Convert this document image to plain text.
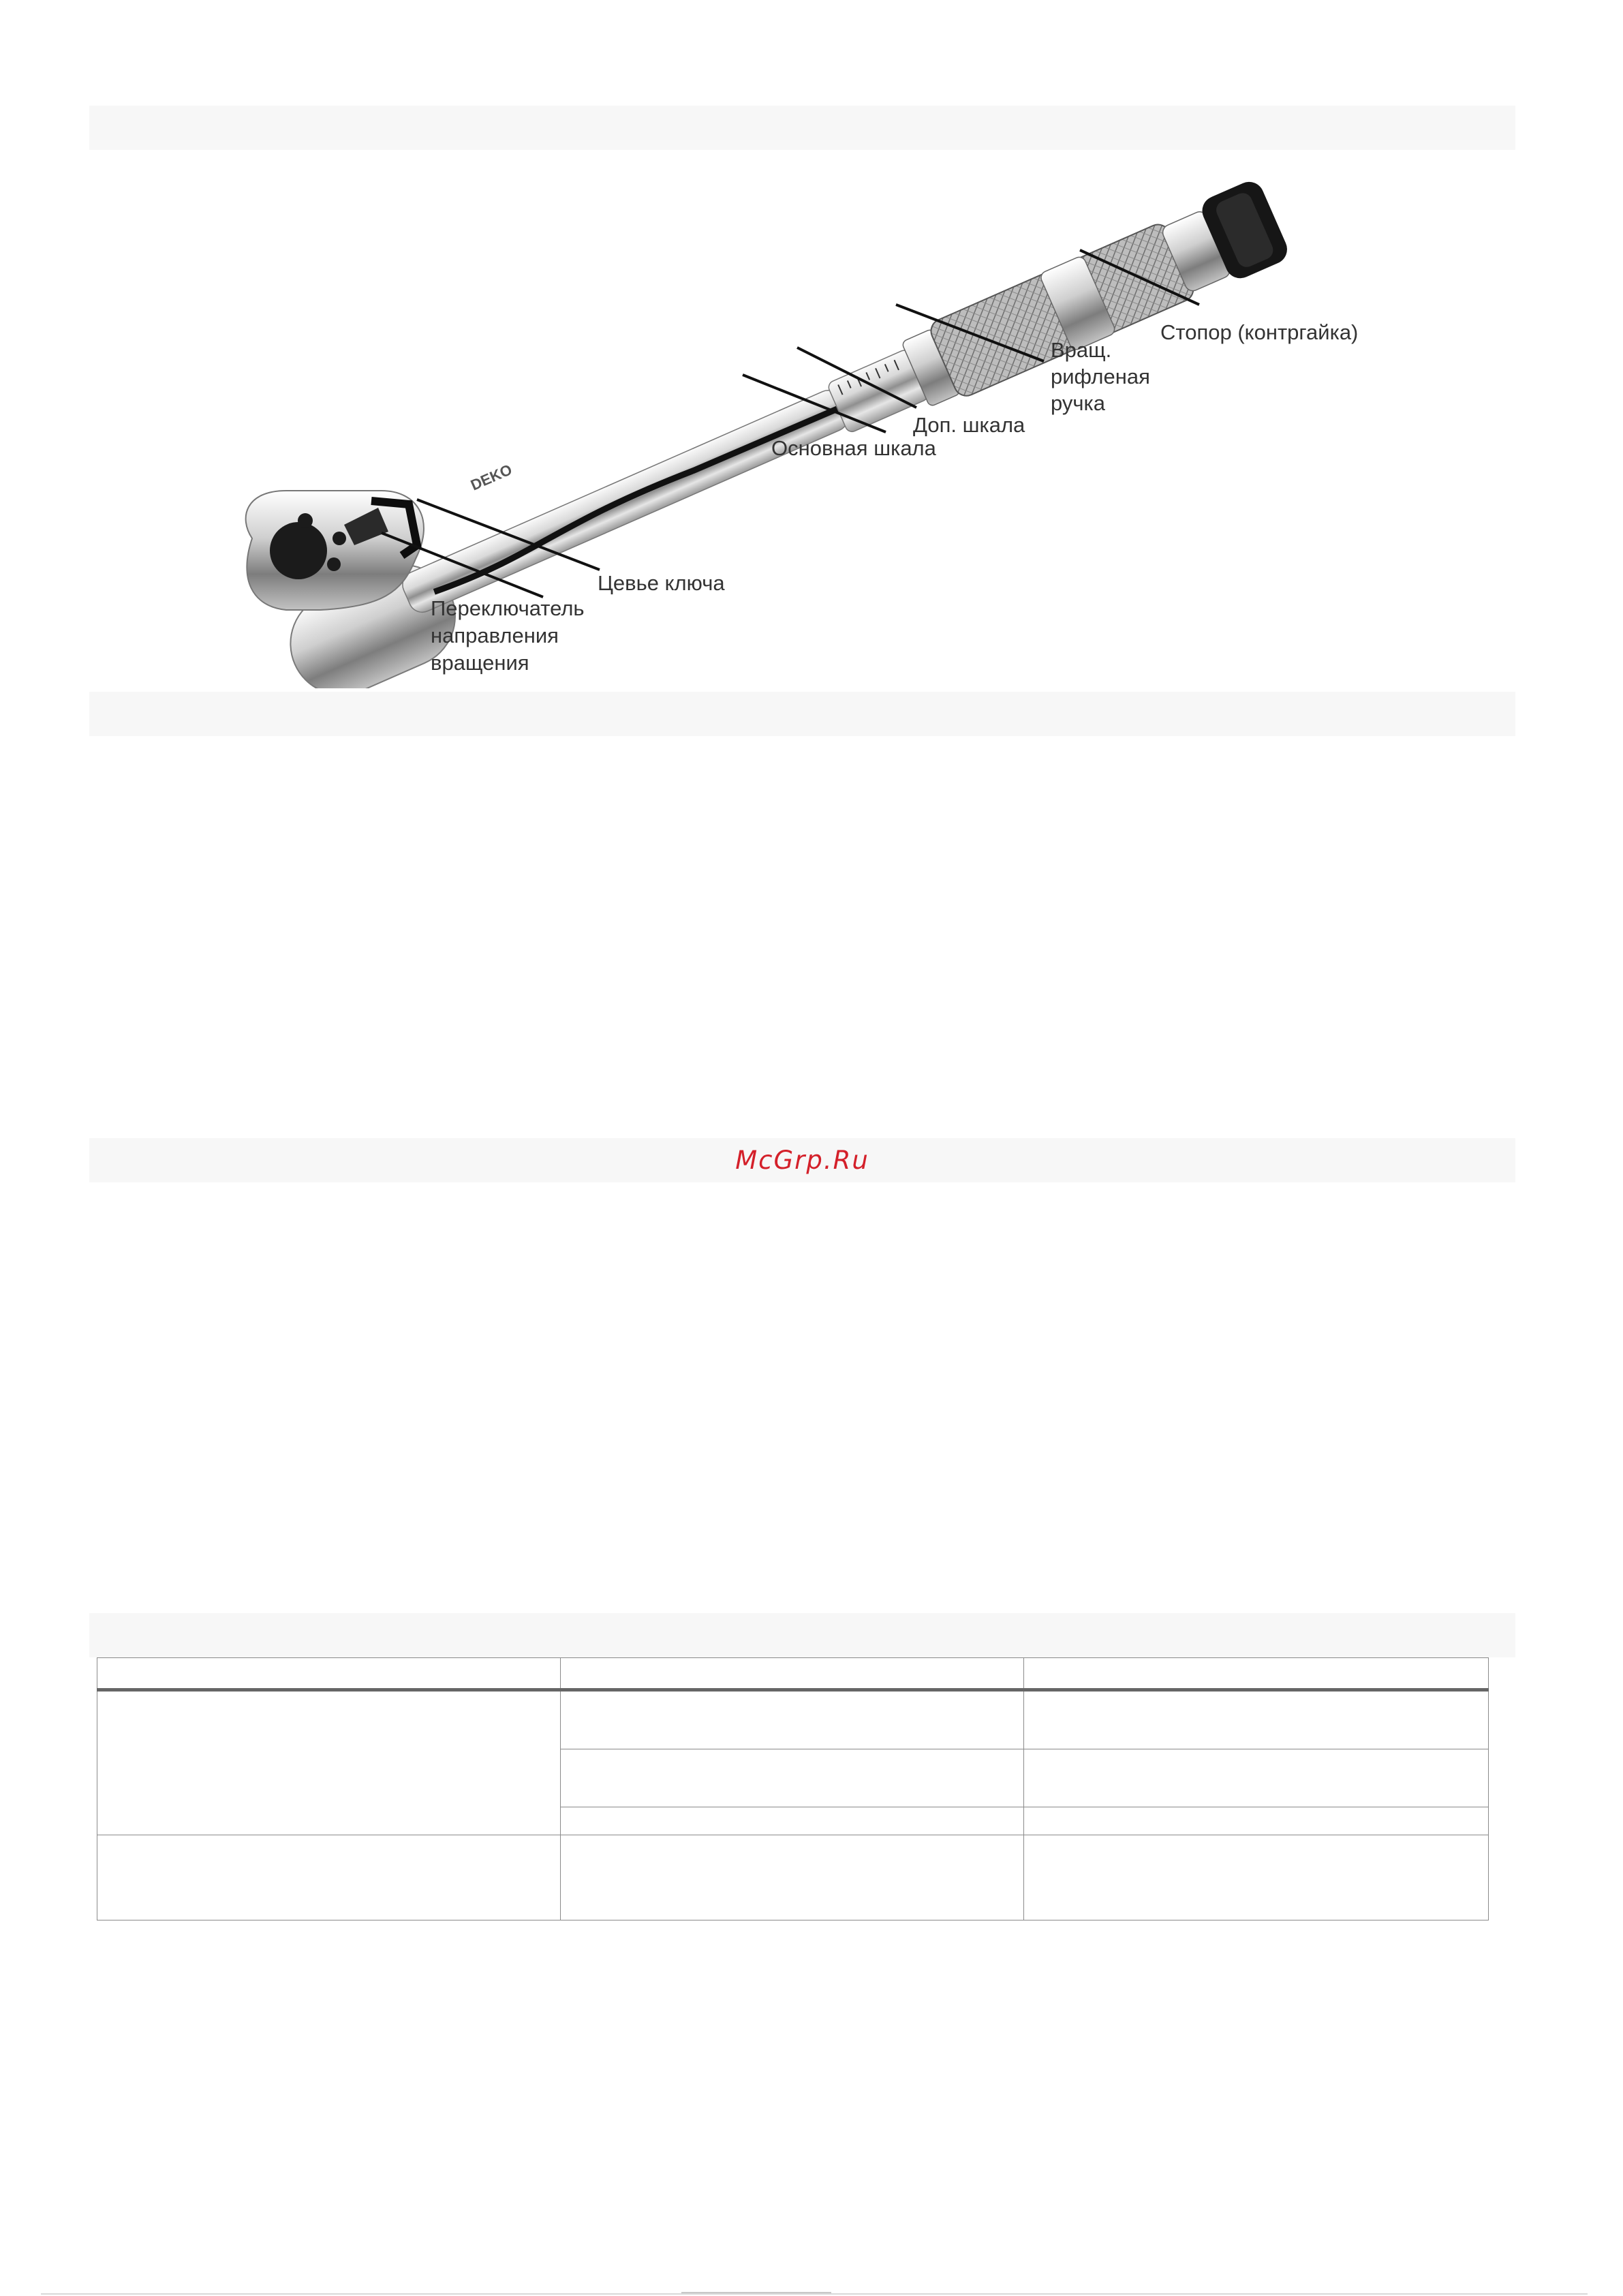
McGrp.Ru
Стопор (контргайка)
Вращ.
рифленая
ручка
Доп. шкала
Основная шкала
Цевье ключа
Переключатель
направления
вращения
DEKO
